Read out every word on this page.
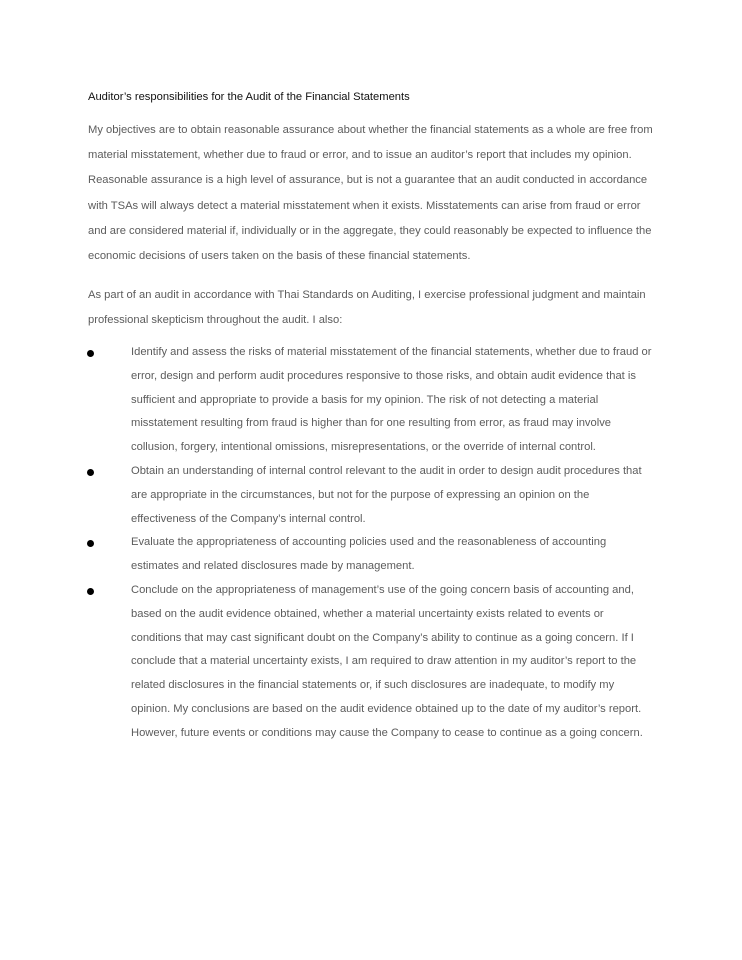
Auditor’s responsibilities for the Audit of the Financial Statements

My objectives are to obtain reasonable assurance about whether the financial statements as a whole are free from material misstatement, whether due to fraud or error, and to issue an auditor’s report that includes my opinion. Reasonable assurance is a high level of assurance, but is not a guarantee that an audit conducted in accordance with TSAs will always detect a material misstatement when it exists. Misstatements can arise from fraud or error and are considered material if, individually or in the aggregate, they could reasonably be expected to influence the economic decisions of users taken on the basis of these financial statements.

As part of an audit in accordance with Thai Standards on Auditing, I exercise professional judgment and maintain professional skepticism throughout the audit. I also:

Identify and assess the risks of material misstatement of the financial statements, whether due to fraud or error, design and perform audit procedures responsive to those risks, and obtain audit evidence that is sufficient and appropriate to provide a basis for my opinion. The risk of not detecting a material misstatement resulting from fraud is higher than for one resulting from error, as fraud may involve collusion, forgery, intentional omissions, misrepresentations, or the override of internal control.
Obtain an understanding of internal control relevant to the audit in order to design audit procedures that are appropriate in the circumstances, but not for the purpose of expressing an opinion on the effectiveness of the Company’s internal control.
Evaluate the appropriateness of accounting policies used and the reasonableness of accounting estimates and related disclosures made by management.
Conclude on the appropriateness of management’s use of the going concern basis of accounting and, based on the audit evidence obtained, whether a material uncertainty exists related to events or conditions that may cast significant doubt on the Company’s ability to continue as a going concern. If I conclude that a material uncertainty exists, I am required to draw attention in my auditor’s report to the related disclosures in the financial statements or, if such disclosures are inadequate, to modify my opinion. My conclusions are based on the audit evidence obtained up to the date of my auditor’s report. However, future events or conditions may cause the Company to cease to continue as a going concern.
